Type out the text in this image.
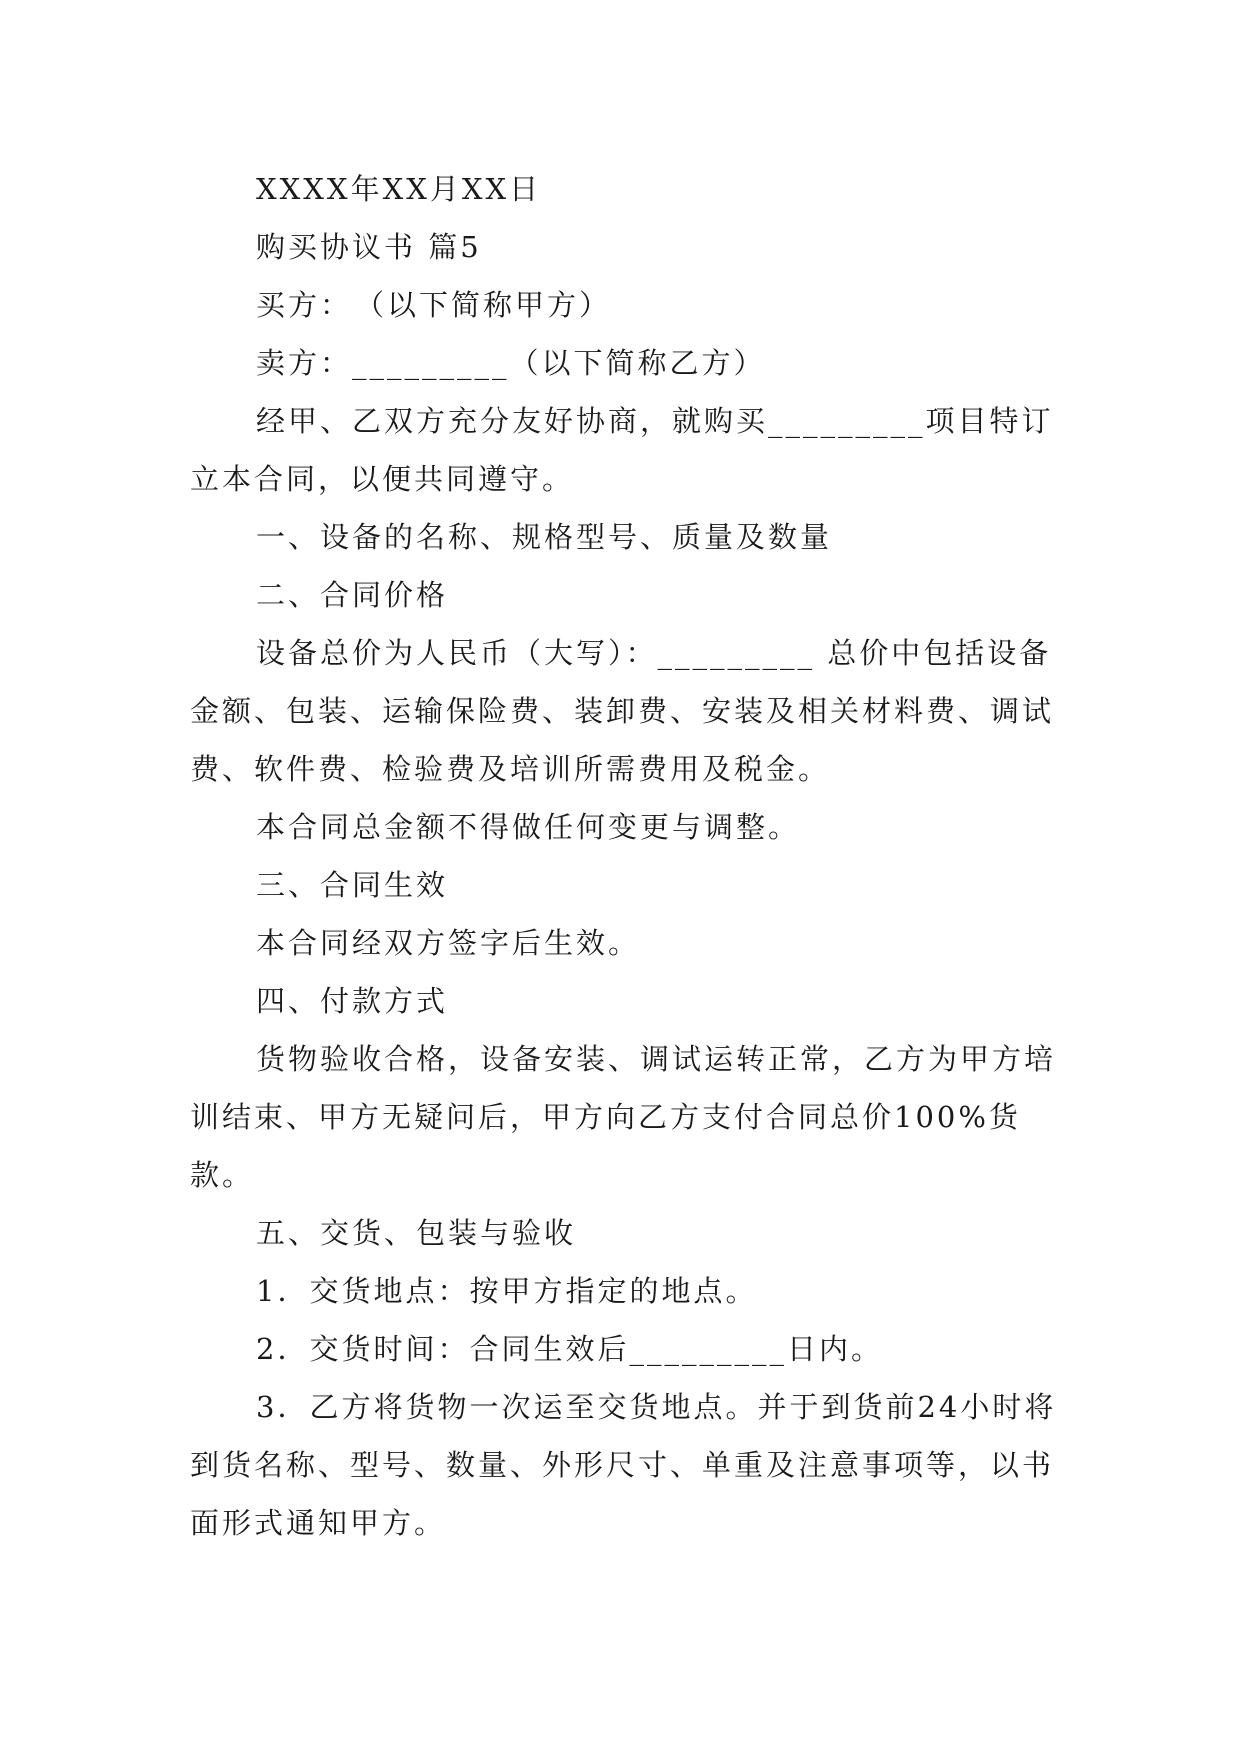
XXXX年XX月XX日

购买协议书 篇5

买方：　（以下简称甲方）

卖方：_________（以下简称乙方）

经甲、乙双方充分友好协商，就购买_________项目特订立本合同，以便共同遵守。

一、设备的名称、规格型号、质量及数量

二、合同价格

设备总价为人民币（大写）：_________ 总价中包括设备金额、包装、运输保险费、装卸费、安装及相关材料费、调试费、软件费、检验费及培训所需费用及税金。

本合同总金额不得做任何变更与调整。

三、合同生效

本合同经双方签字后生效。

四、付款方式

货物验收合格，设备安装、调试运转正常，乙方为甲方培训结束、甲方无疑问后，甲方向乙方支付合同总价100%货款。

五、交货、包装与验收

1．交货地点：按甲方指定的地点。

2．交货时间：合同生效后_________日内。

3．乙方将货物一次运至交货地点。并于到货前24小时将到货名称、型号、数量、外形尺寸、单重及注意事项等，以书面形式通知甲方。
